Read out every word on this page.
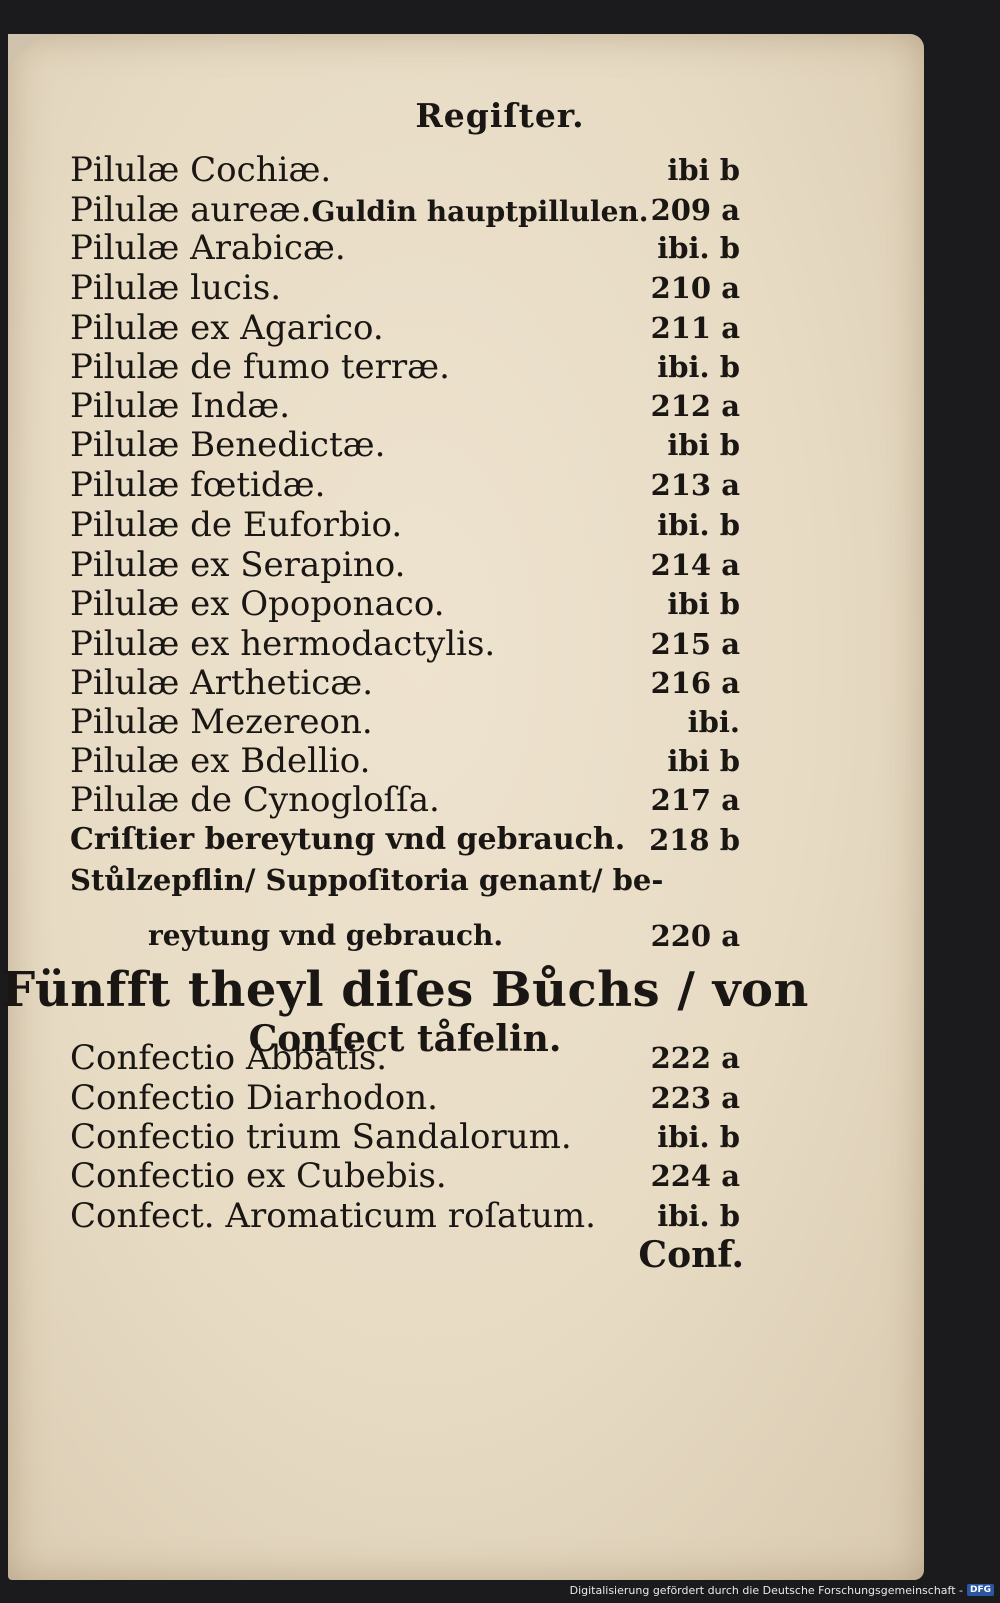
Regiſter.
Pilulæ Cochiæ.	ibi b
Pilulæ aureæ.Guldin hauptpillulen. 209 a
Pilulæ Arabicæ.	ibi. b
Pilulæ lucis.	210 a
Pilulæ ex Agarico.	211 a
Pilulæ de fumo terræ.	ibi. b
Pilulæ Indæ.	212 a
Pilulæ Benedictæ.	ibi b
Pilulæ fœtidæ.	213 a
Pilulæ de Euforbio.	ibi. b
Pilulæ ex Serapino.	214 a
Pilulæ ex Opoponaco.	ibi b
Pilulæ ex hermodactylis.	215 a
Pilulæ Artheticæ.	216 a
Pilulæ Mezereon.	ibi.
Pilulæ ex Bdellio.	ibi b
Pilulæ de Cynogloſſa.	217 a
Criſtier bereytung vnd gebrauch. 218 b
Stůlzepflin/ Suppoſitoria genant/ be-
reytung vnd gebrauch.	220 a
Fünfft theyl diſes Bůchs / von
Confect tåfelin.
Confectio Abbatis.	222 a
Confectio Diarhodon.	223 a
Confectio trium Sandalorum.	ibi. b
Confectio ex Cubebis.	224 a
Confect. Aromaticum roſatum. ibi. b
Conf.
Digitalisierung gefördert durch die Deutsche Forschungsgemeinschaft - DFG
